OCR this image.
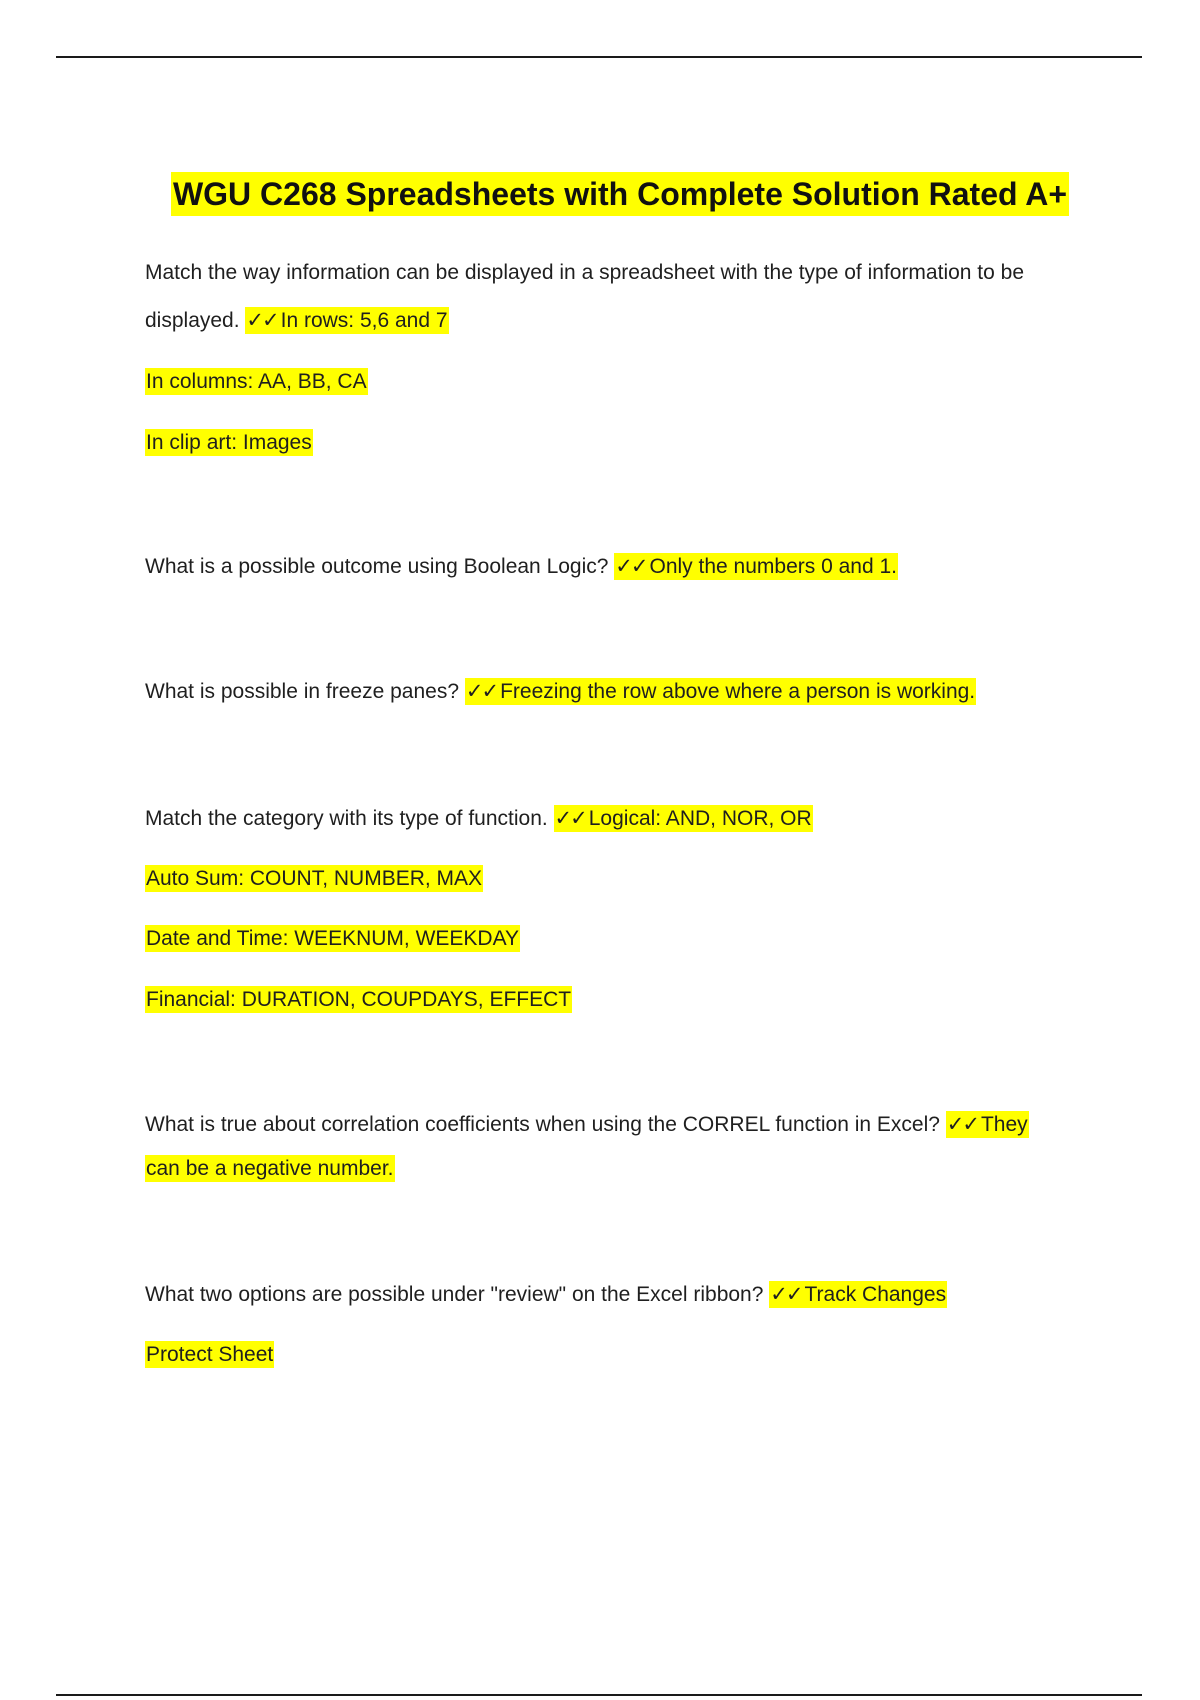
WGU C268 Spreadsheets with Complete Solution Rated A+
Match the way information can be displayed in a spreadsheet with the type of information to be
displayed. ✓✓ In rows: 5,6 and 7
In columns: AA, BB, CA
In clip art: Images
What is a possible outcome using Boolean Logic? ✓✓ Only the numbers 0 and 1.
What is possible in freeze panes? ✓✓ Freezing the row above where a person is working.
Match the category with its type of function. ✓✓ Logical: AND, NOR, OR
Auto Sum: COUNT, NUMBER, MAX
Date and Time: WEEKNUM, WEEKDAY
Financial: DURATION, COUPDAYS, EFFECT
What is true about correlation coefficients when using the CORREL function in Excel? ✓✓ They
can be a negative number.
What two options are possible under "review" on the Excel ribbon? ✓✓ Track Changes
Protect Sheet
